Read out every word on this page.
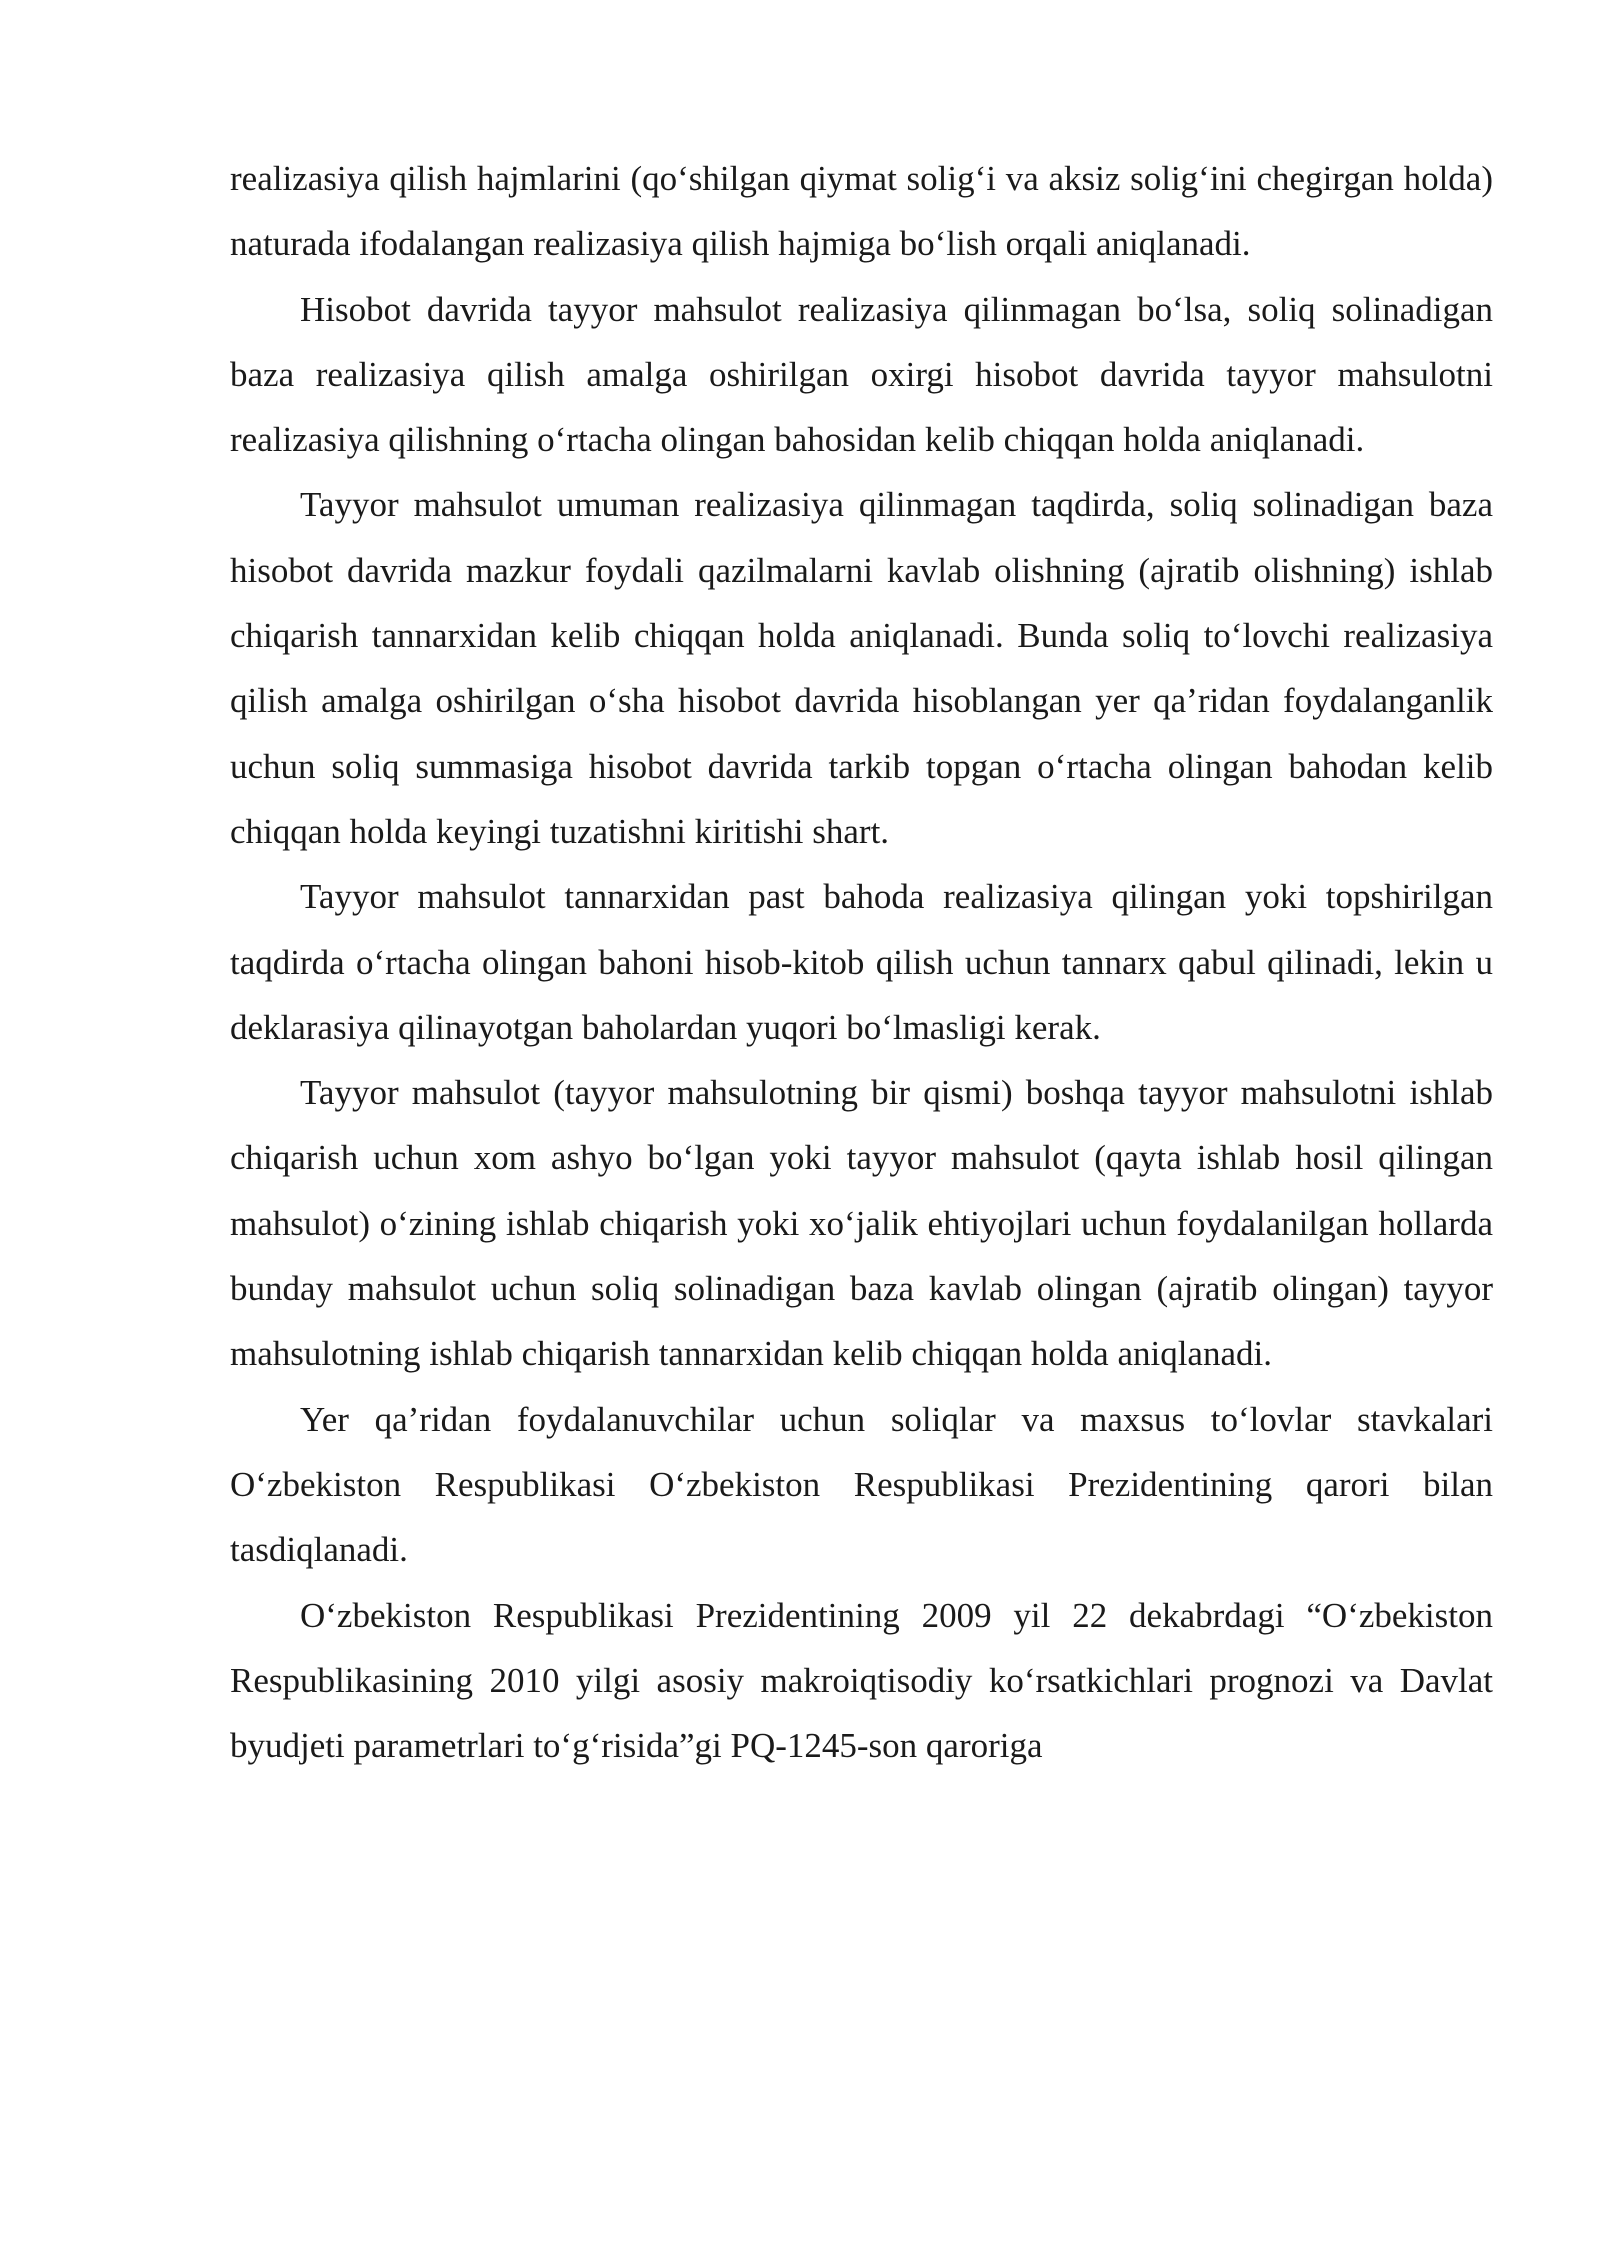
realizasiya qilish hajmlarini (qo‘shilgan qiymat solig‘i va aksiz solig‘ini chegirgan holda) naturada ifodalangan realizasiya qilish hajmiga bo‘lish orqali aniqlanadi.

Hisobot davrida tayyor mahsulot realizasiya qilinmagan bo‘lsa, soliq solinadigan baza realizasiya qilish amalga oshirilgan oxirgi hisobot davrida tayyor mahsulotni realizasiya qilishning o‘rtacha olingan bahosidan kelib chiqqan holda aniqlanadi.

Tayyor mahsulot umuman realizasiya qilinmagan taqdirda, soliq solinadigan baza hisobot davrida mazkur foydali qazilmalarni kavlab olishning (ajratib olishning) ishlab chiqarish tannarxidan kelib chiqqan holda aniqlanadi. Bunda soliq to‘lovchi realizasiya qilish amalga oshirilgan o‘sha hisobot davrida hisoblangan yer qa’ridan foydalanganlik uchun soliq summasiga hisobot davrida tarkib topgan o‘rtacha olingan bahodan kelib chiqqan holda keyingi tuzatishni kiritishi shart.

Tayyor mahsulot tannarxidan past bahoda realizasiya qilingan yoki topshirilgan taqdirda o‘rtacha olingan bahoni hisob-kitob qilish uchun tannarx qabul qilinadi, lekin u deklarasiya qilinayotgan baholardan yuqori bo‘lmasligi kerak.

Tayyor mahsulot (tayyor mahsulotning bir qismi) boshqa tayyor mahsulotni ishlab chiqarish uchun xom ashyo bo‘lgan yoki tayyor mahsulot (qayta ishlab hosil qilingan mahsulot) o‘zining ishlab chiqarish yoki xo‘jalik ehtiyojlari uchun foydalanilgan hollarda bunday mahsulot uchun soliq solinadigan baza kavlab olingan (ajratib olingan) tayyor mahsulotning ishlab chiqarish tannarxidan kelib chiqqan holda aniqlanadi.

Yer qa’ridan foydalanuvchilar uchun soliqlar va maxsus to‘lovlar stavkalari O‘zbekiston Respublikasi O‘zbekiston Respublikasi Prezidentining qarori bilan tasdiqlanadi.

O‘zbekiston Respublikasi Prezidentining 2009 yil 22 dekabrdagi “O‘zbekiston Respublikasining 2010 yilgi asosiy makroiqtisodiy ko‘rsatkichlari prognozi va Davlat byudjeti parametrlari to‘g‘risida”gi PQ-1245-son qaroriga
